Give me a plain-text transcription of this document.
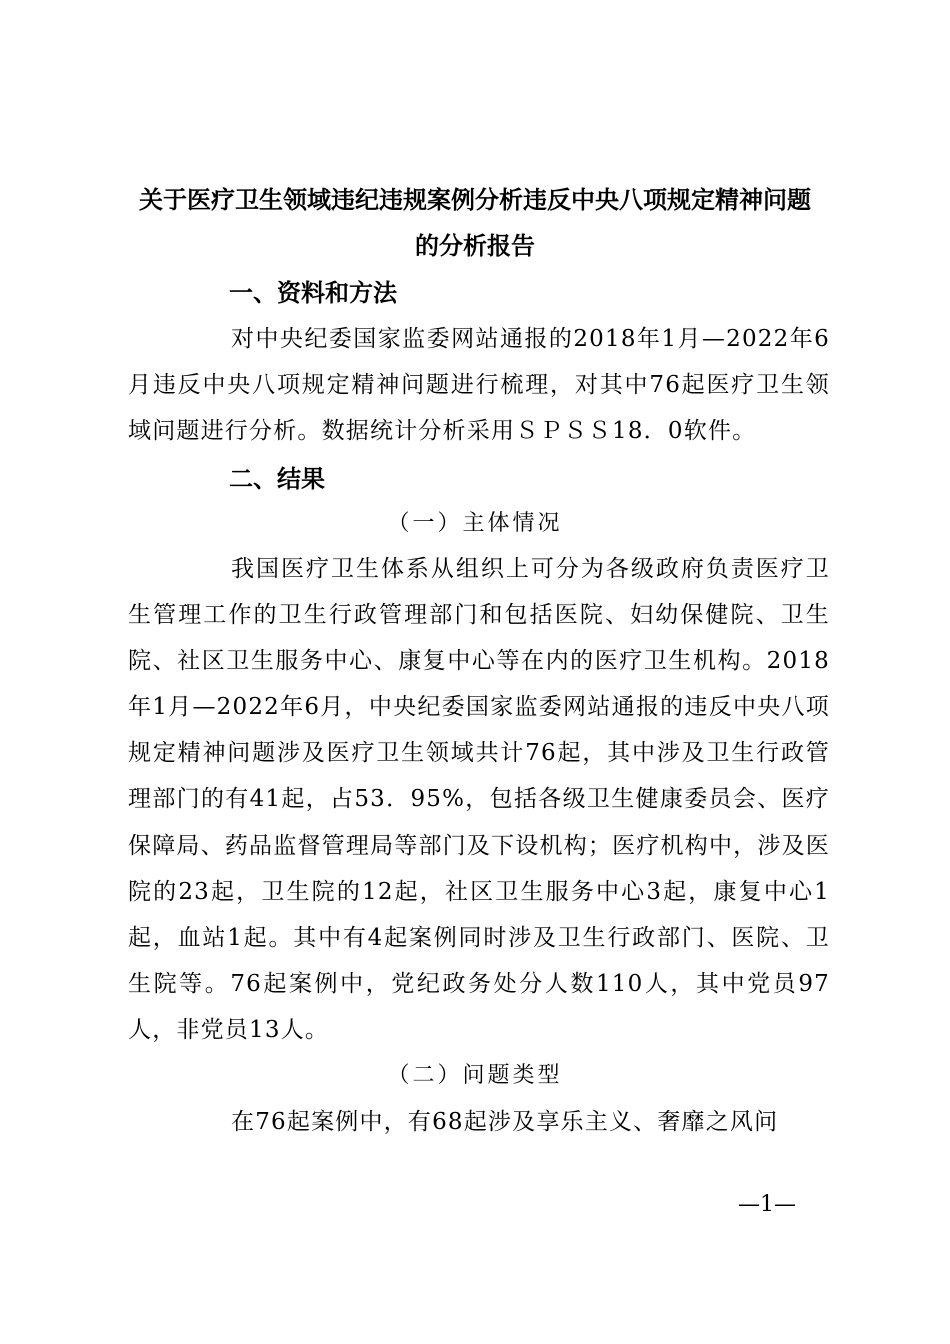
关于医疗卫生领域违纪违规案例分析违反中央八项规定精神问题
的分析报告
一、资料和方法

对中央纪委国家监委网站通报的2018年1月—2022年6月违反中央八项规定精神问题进行梳理，对其中76起医疗卫生领域问题进行分析。数据统计分析采用ＳＰＳＳ18．0软件。

二、结果
（一）主体情况

我国医疗卫生体系从组织上可分为各级政府负责医疗卫生管理工作的卫生行政管理部门和包括医院、妇幼保健院、卫生院、社区卫生服务中心、康复中心等在内的医疗卫生机构。2018年1月—2022年6月，中央纪委国家监委网站通报的违反中央八项规定精神问题涉及医疗卫生领域共计76起，其中涉及卫生行政管理部门的有41起，占53．95%，包括各级卫生健康委员会、医疗保障局、药品监督管理局等部门及下设机构；医疗机构中，涉及医院的23起，卫生院的12起，社区卫生服务中心3起，康复中心1起，血站1起。其中有4起案例同时涉及卫生行政部门、医院、卫生院等。76起案例中，党纪政务处分人数110人，其中党员97人，非党员13人。

（二）问题类型

在76起案例中，有68起涉及享乐主义、奢靡之风问

—1—
